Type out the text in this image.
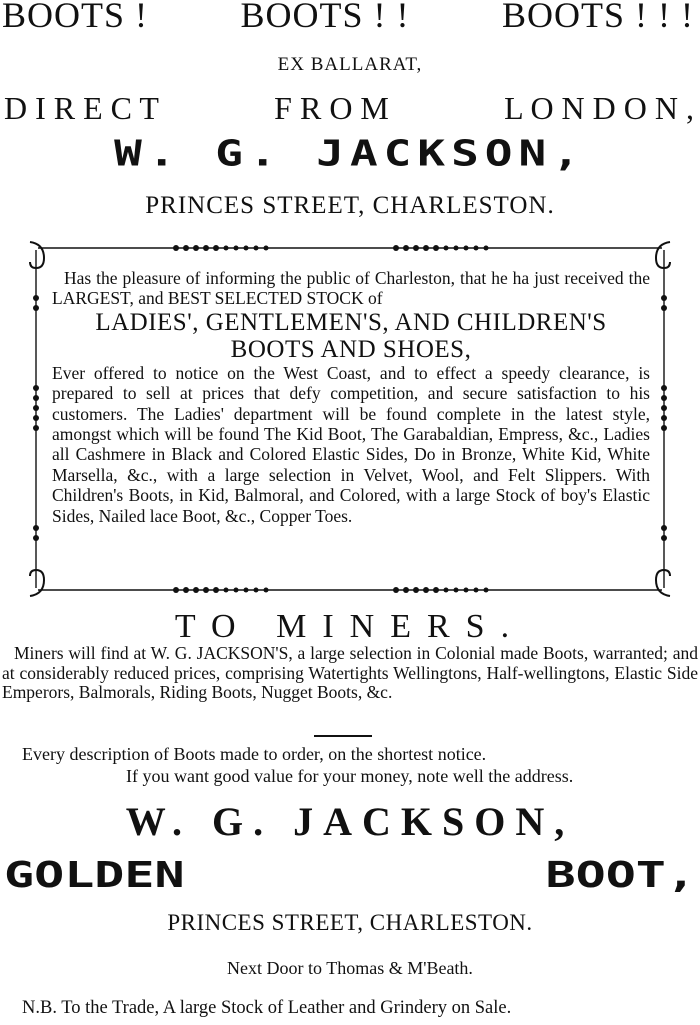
BOOTS !	BOOTS ! !	BOOTS ! ! !
EX BALLARAT,
D I R E C T	F R O M	L O N D O N ,
W. G. JACKSON,
PRINCES STREET, CHARLESTON.

Has the pleasure of informing the public of Charleston, that he ha just received the LARGEST, and BEST SELECTED STOCK of

LADIES', GENTLEMEN'S, AND CHILDREN'S

BOOTS AND SHOES,

Ever offered to notice on the West Coast, and to effect a speedy clearance, is prepared to sell at prices that defy competition, and secure satisfaction to his customers. The Ladies' department will be found complete in the latest style, amongst which will be found The Kid Boot, The Garabaldian, Empress, &c., Ladies all Cashmere in Black and Colored Elastic Sides, Do in Bronze, White Kid, White Marsella, &c., with a large selection in Velvet, Wool, and Felt Slippers. With Children's Boots, in Kid, Balmoral, and Colored, with a large Stock of boy's Elastic Sides, Nailed lace Boot, &c., Copper Toes.

TO MINERS.

Miners will find at W. G. JACKSON'S, a large selection in Colonial made Boots, warranted; and at considerably reduced prices, comprising Watertights Wellingtons, Half-wellingtons, Elastic Side Emperors, Balmorals, Riding Boots, Nugget Boots, &c.

Every description of Boots made to order, on the shortest notice.
If you want good value for your money, note well the address.
W. G. JACKSON,
GOLDEN	BOOT,
PRINCES STREET, CHARLESTON.
Next Door to Thomas & M'Beath.
N.B. To the Trade, A large Stock of Leather and Grindery on Sale.
